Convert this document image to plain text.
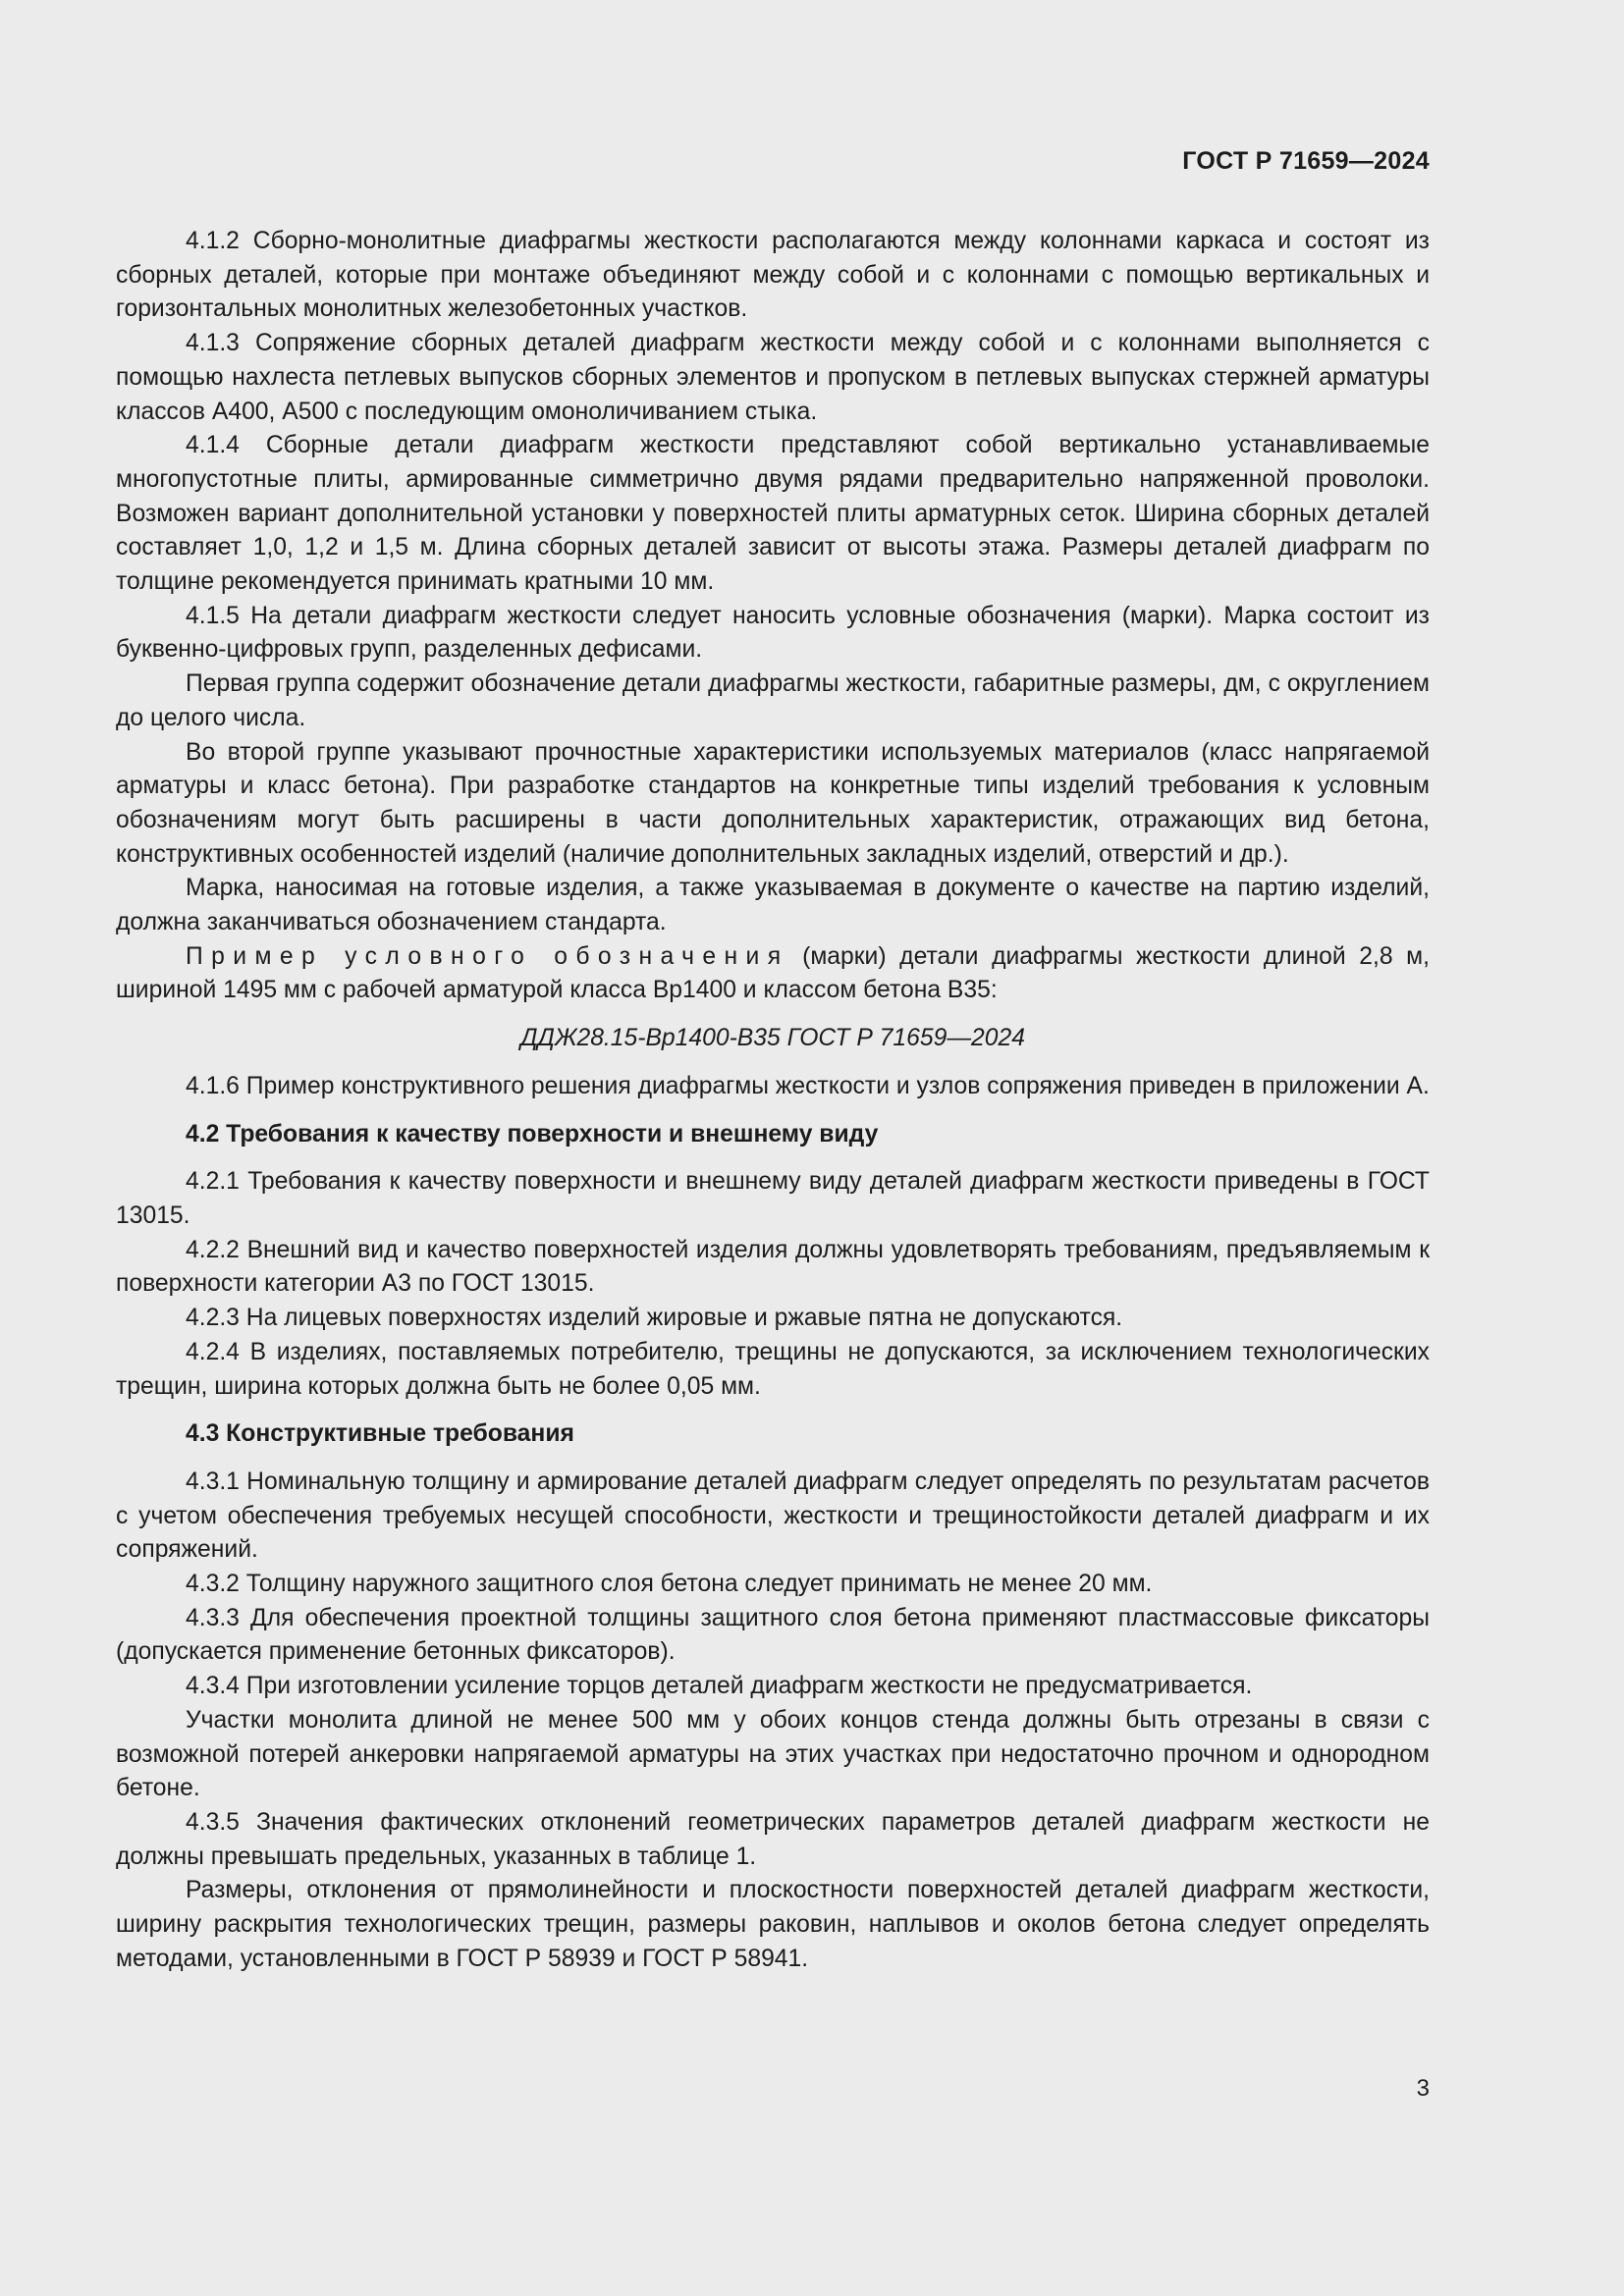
ГОСТ Р 71659—2024

4.1.2 Сборно-монолитные диафрагмы жесткости располагаются между колоннами каркаса и состоят из сборных деталей, которые при монтаже объединяют между собой и с колоннами с помощью вертикальных и горизонтальных монолитных железобетонных участков.

4.1.3 Сопряжение сборных деталей диафрагм жесткости между собой и с колоннами выполняется с помощью нахлеста петлевых выпусков сборных элементов и пропуском в петлевых выпусках стержней арматуры классов А400, А500 с последующим омоноличиванием стыка.

4.1.4 Сборные детали диафрагм жесткости представляют собой вертикально устанавливаемые многопустотные плиты, армированные симметрично двумя рядами предварительно напряженной проволоки. Возможен вариант дополнительной установки у поверхностей плиты арматурных сеток. Ширина сборных деталей составляет 1,0, 1,2 и 1,5 м. Длина сборных деталей зависит от высоты этажа. Размеры деталей диафрагм по толщине рекомендуется принимать кратными 10 мм.

4.1.5 На детали диафрагм жесткости следует наносить условные обозначения (марки). Марка состоит из буквенно-цифровых групп, разделенных дефисами.

Первая группа содержит обозначение детали диафрагмы жесткости, габаритные размеры, дм, с округлением до целого числа.

Во второй группе указывают прочностные характеристики используемых материалов (класс напрягаемой арматуры и класс бетона). При разработке стандартов на конкретные типы изделий требования к условным обозначениям могут быть расширены в части дополнительных характеристик, отражающих вид бетона, конструктивных особенностей изделий (наличие дополнительных закладных изделий, отверстий и др.).

Марка, наносимая на готовые изделия, а также указываемая в документе о качестве на партию изделий, должна заканчиваться обозначением стандарта.

Пример условного обозначения (марки) детали диафрагмы жесткости длиной 2,8 м, шириной 1495 мм с рабочей арматурой класса Вр1400 и классом бетона В35:

ДДЖ28.15-Вр1400-В35 ГОСТ Р 71659—2024

4.1.6 Пример конструктивного решения диафрагмы жесткости и узлов сопряжения приведен в приложении А.

4.2 Требования к качеству поверхности и внешнему виду

4.2.1 Требования к качеству поверхности и внешнему виду деталей диафрагм жесткости приведены в ГОСТ 13015.

4.2.2 Внешний вид и качество поверхностей изделия должны удовлетворять требованиям, предъявляемым к поверхности категории А3 по ГОСТ 13015.

4.2.3 На лицевых поверхностях изделий жировые и ржавые пятна не допускаются.

4.2.4 В изделиях, поставляемых потребителю, трещины не допускаются, за исключением технологических трещин, ширина которых должна быть не более 0,05 мм.

4.3 Конструктивные требования

4.3.1 Номинальную толщину и армирование деталей диафрагм следует определять по результатам расчетов с учетом обеспечения требуемых несущей способности, жесткости и трещиностойкости деталей диафрагм и их сопряжений.

4.3.2 Толщину наружного защитного слоя бетона следует принимать не менее 20 мм.

4.3.3 Для обеспечения проектной толщины защитного слоя бетона применяют пластмассовые фиксаторы (допускается применение бетонных фиксаторов).

4.3.4 При изготовлении усиление торцов деталей диафрагм жесткости не предусматривается.

Участки монолита длиной не менее 500 мм у обоих концов стенда должны быть отрезаны в связи с возможной потерей анкеровки напрягаемой арматуры на этих участках при недостаточно прочном и однородном бетоне.

4.3.5 Значения фактических отклонений геометрических параметров деталей диафрагм жесткости не должны превышать предельных, указанных в таблице 1.

Размеры, отклонения от прямолинейности и плоскостности поверхностей деталей диафрагм жесткости, ширину раскрытия технологических трещин, размеры раковин, наплывов и околов бетона следует определять методами, установленными в ГОСТ Р 58939 и ГОСТ Р 58941.

3
